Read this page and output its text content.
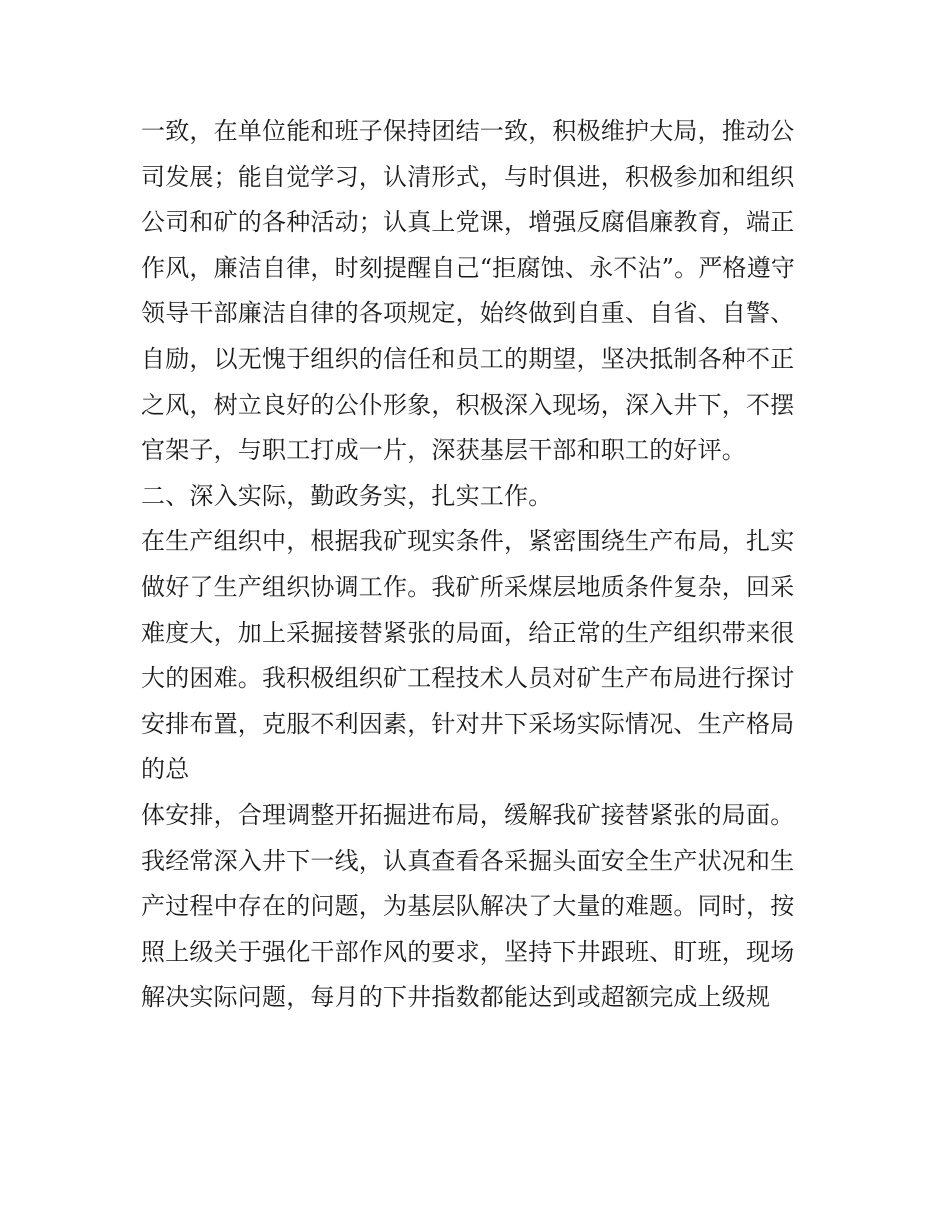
一致，在单位能和班子保持团结一致，积极维护大局，推动公
司发展；能自觉学习，认清形式，与时俱进，积极参加和组织
公司和矿的各种活动；认真上党课，增强反腐倡廉教育，端正
作风，廉洁自律，时刻提醒自己“拒腐蚀、永不沾”。严格遵守
领导干部廉洁自律的各项规定，始终做到自重、自省、自警、
自励，以无愧于组织的信任和员工的期望，坚决抵制各种不正
之风，树立良好的公仆形象，积极深入现场，深入井下，不摆
官架子，与职工打成一片，深获基层干部和职工的好评。
二、深入实际，勤政务实，扎实工作。
在生产组织中，根据我矿现实条件，紧密围绕生产布局，扎实
做好了生产组织协调工作。我矿所采煤层地质条件复杂，回采
难度大，加上采掘接替紧张的局面，给正常的生产组织带来很
大的困难。我积极组织矿工程技术人员对矿生产布局进行探讨
安排布置，克服不利因素，针对井下采场实际情况、生产格局
的总
体安排，合理调整开拓掘进布局，缓解我矿接替紧张的局面。
我经常深入井下一线，认真查看各采掘头面安全生产状况和生
产过程中存在的问题，为基层队解决了大量的难题。同时，按
照上级关于强化干部作风的要求，坚持下井跟班、盯班，现场
解决实际问题，每月的下井指数都能达到或超额完成上级规
